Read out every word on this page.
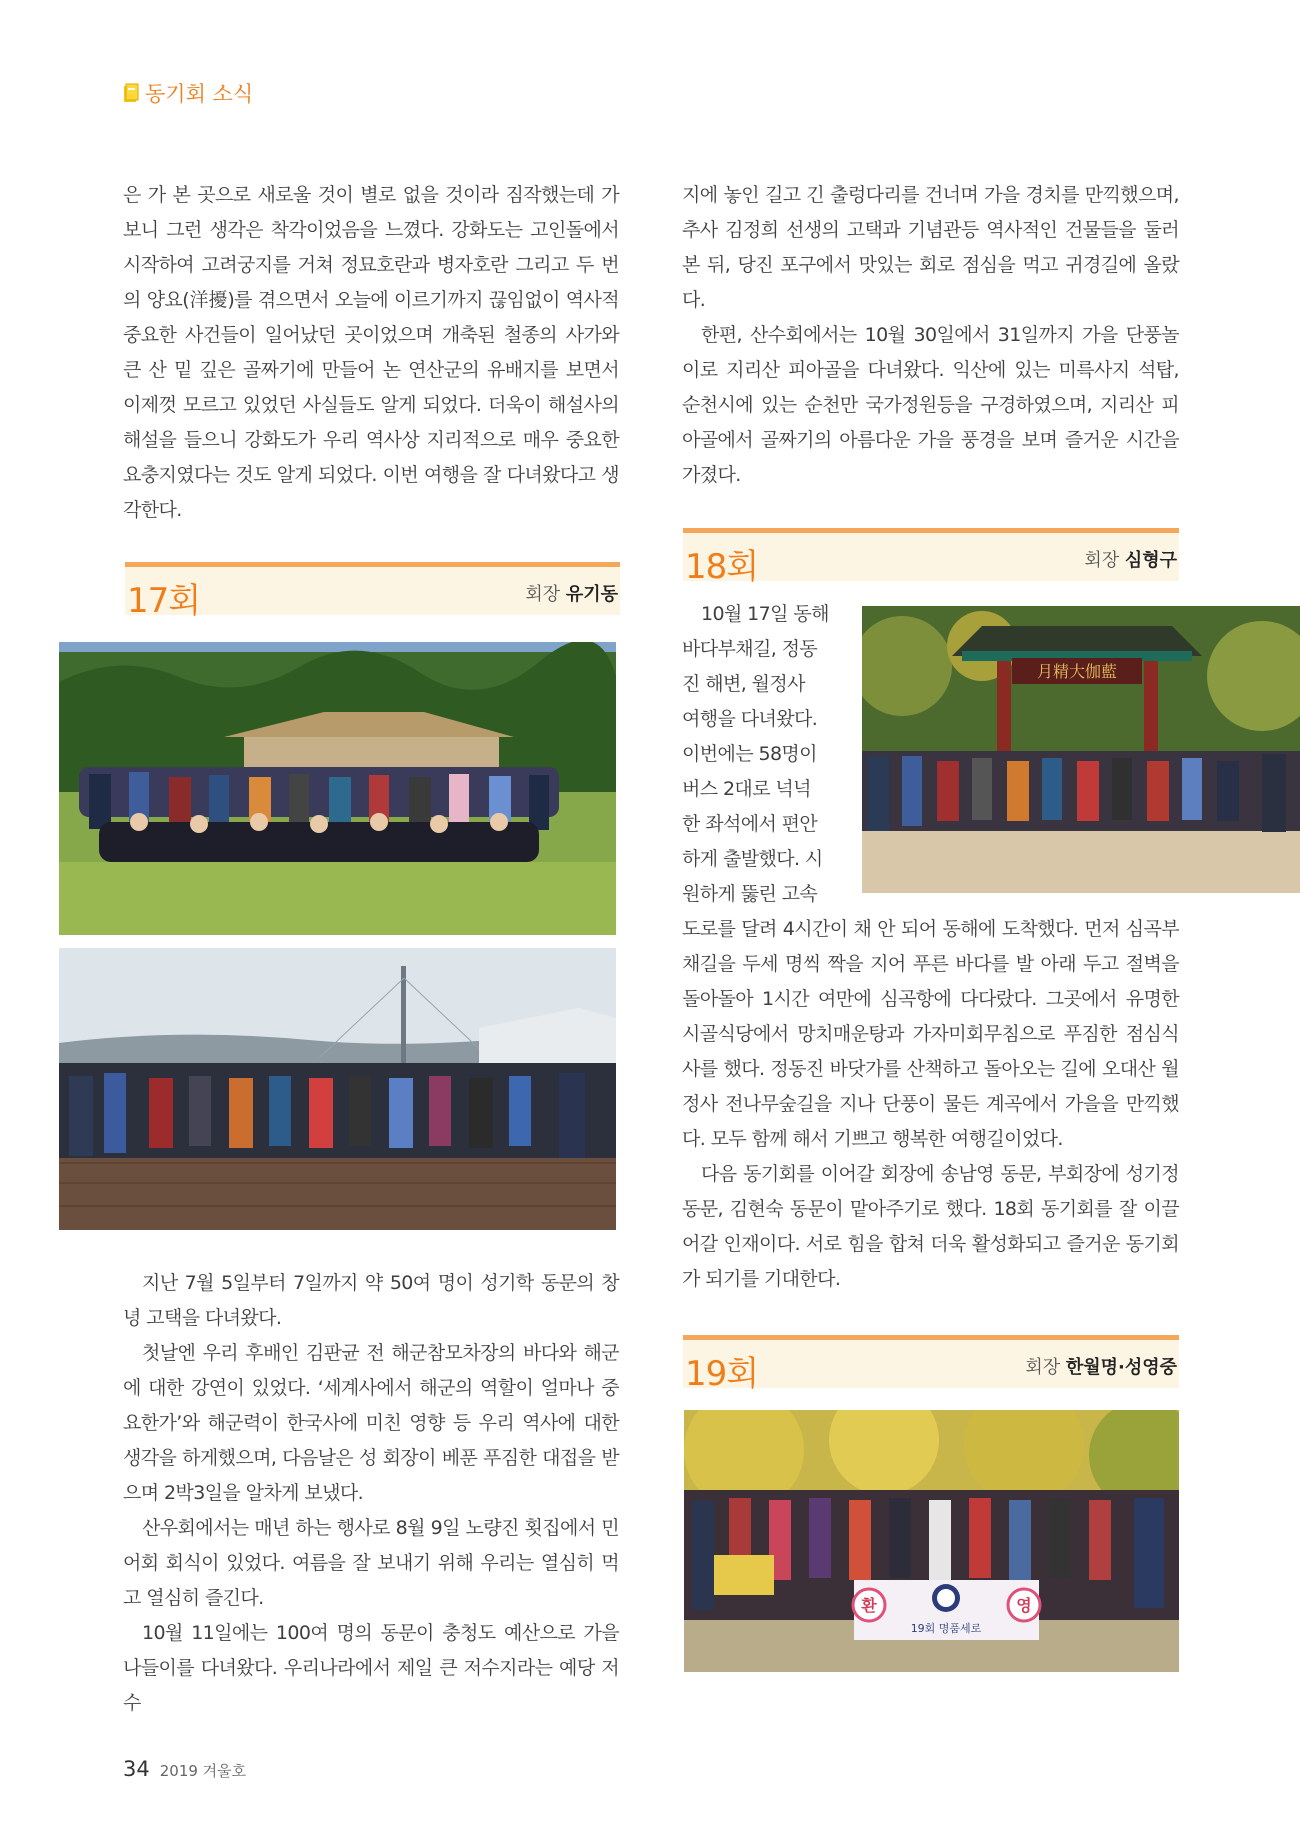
동기회 소식

은 가 본 곳으로 새로울 것이 별로 없을 것이라 짐작했는데 가보니 그런 생각은 착각이었음을 느꼈다. 강화도는 고인돌에서 시작하여 고려궁지를 거쳐 정묘호란과 병자호란 그리고 두 번의 양요(洋擾)를 겪으면서 오늘에 이르기까지 끊임없이 역사적 중요한 사건들이 일어났던 곳이었으며 개축된 철종의 사가와 큰 산 밑 깊은 골짜기에 만들어 논 연산군의 유배지를 보면서 이제껏 모르고 있었던 사실들도 알게 되었다. 더욱이 해설사의 해설을 들으니 강화도가 우리 역사상 지리적으로 매우 중요한 요충지였다는 것도 알게 되었다. 이번 여행을 잘 다녀왔다고 생각한다.

17회	회장 유기동

지난 7월 5일부터 7일까지 약 50여 명이 성기학 동문의 창녕 고택을 다녀왔다.

첫날엔 우리 후배인 김판균 전 해군참모차장의 바다와 해군에 대한 강연이 있었다. ‘세계사에서 해군의 역할이 얼마나 중요한가’와 해군력이 한국사에 미친 영향 등 우리 역사에 대한 생각을 하게했으며, 다음날은 성 회장이 베푼 푸짐한 대접을 받으며 2박3일을 알차게 보냈다.

산우회에서는 매년 하는 행사로 8월 9일 노량진 횟집에서 민어회 회식이 있었다. 여름을 잘 보내기 위해 우리는 열심히 먹고 열심히 즐긴다.

10월 11일에는 100여 명의 동문이 충청도 예산으로 가을 나들이를 다녀왔다. 우리나라에서 제일 큰 저수지라는 예당 저수

지에 놓인 길고 긴 출렁다리를 건너며 가을 경치를 만끽했으며, 추사 김정희 선생의 고택과 기념관등 역사적인 건물들을 둘러본 뒤, 당진 포구에서 맛있는 회로 점심을 먹고 귀경길에 올랐다.

한편, 산수회에서는 10월 30일에서 31일까지 가을 단풍놀이로 지리산 피아골을 다녀왔다. 익산에 있는 미륵사지 석탑, 순천시에 있는 순천만 국가정원등을 구경하였으며, 지리산 피아골에서 골짜기의 아름다운 가을 풍경을 보며 즐거운 시간을 가졌다.

18회	회장 심형구

10월 17일 동해

바다부채길, 정동

진 해변, 월정사

여행을 다녀왔다.

이번에는 58명이

버스 2대로 넉넉

한 좌석에서 편안

하게 출발했다. 시

원하게 뚫린 고속

月精大伽藍

도로를 달려 4시간이 채 안 되어 동해에 도착했다. 먼저 심곡부채길을 두세 명씩 짝을 지어 푸른 바다를 발 아래 두고 절벽을 돌아돌아 1시간 여만에 심곡항에 다다랐다. 그곳에서 유명한 시골식당에서 망치매운탕과 가자미회무침으로 푸짐한 점심식사를 했다. 정동진 바닷가를 산책하고 돌아오는 길에 오대산 월정사 전나무숲길을 지나 단풍이 물든 계곡에서 가을을 만끽했다. 모두 함께 해서 기쁘고 행복한 여행길이었다.

다음 동기회를 이어갈 회장에 송남영 동문, 부회장에 성기정 동문, 김현숙 동문이 맡아주기로 했다. 18회 동기회를 잘 이끌어갈 인재이다. 서로 힘을 합쳐 더욱 활성화되고 즐거운 동기회가 되기를 기대한다.

19회	회장 한월명·성영중
환	영
19회 명품세로
34 2019 겨울호
